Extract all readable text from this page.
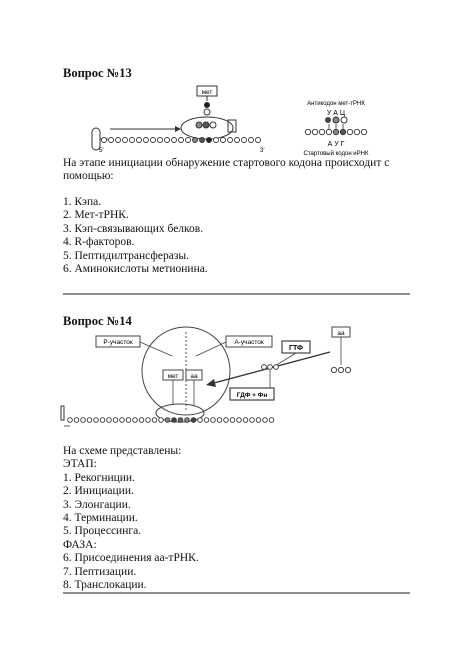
Вопрос №13
мет
5'	3'
Антикодон мет-тРНК
У А Ц
А У Г
Стартовый кодон иРНК
На этапе инициации обнаружение стартового кодона происходит с
помощью:
1. Кэпа.
2. Мет-тРНК.
3. Кэп-связывающих белков.
4. R-факторов.
5. Пептидилтрансферазы.
6. Аминокислоты метионина.
Вопрос №14
Р-участок	А-участок
мет аа
аа
ГТФ
ГДФ + Фн
На схеме представлены:
ЭТАП:
1. Рекогниции.
2. Инициации.
3. Элонгации.
4. Терминации.
5. Процессинга.
ФАЗА:
6. Присоединения аа-тРНК.
7. Пептизации.
8. Транслокации.
